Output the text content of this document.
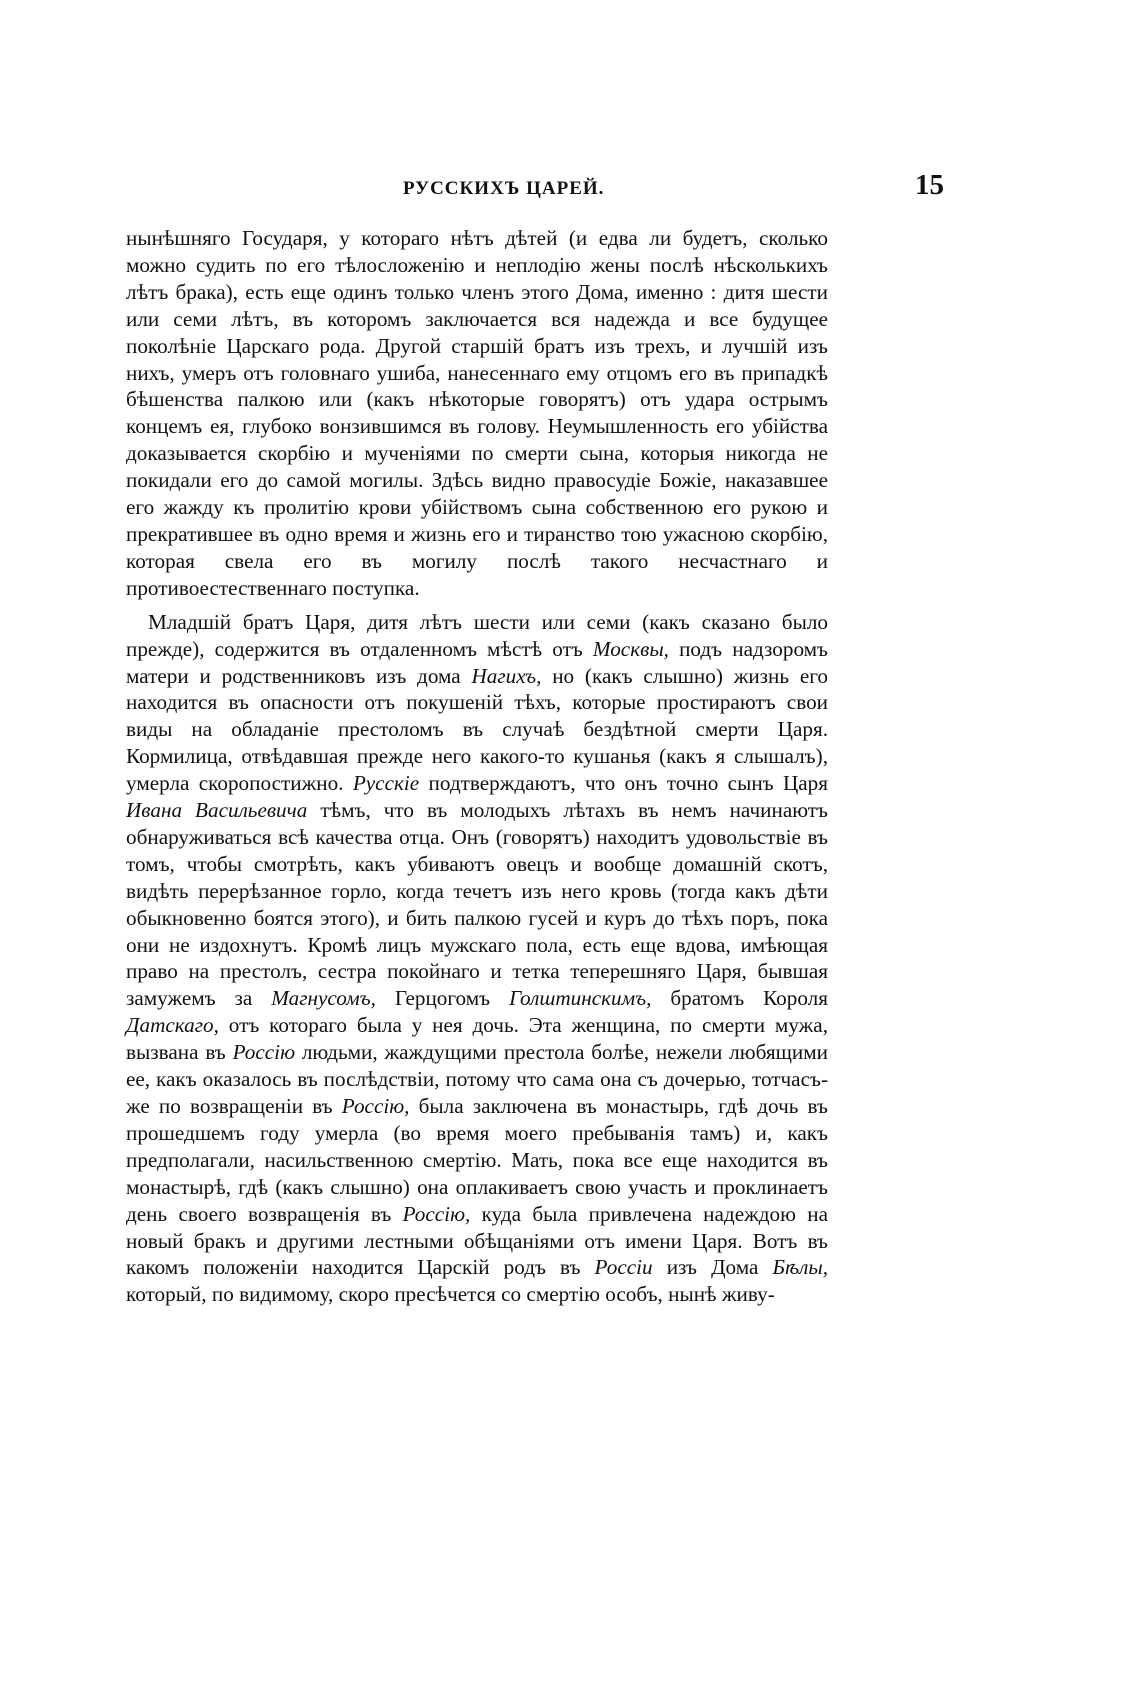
РУССКИХЪ ЦАРЕЙ.	15

нынѣшняго Государя, у котораго нѣтъ дѣтей (и едва ли будетъ, сколько можно судить по его тѣлосложенію и неплодію жены послѣ нѣсколькихъ лѣтъ брака), есть еще одинъ только членъ этого Дома, именно : дитя шести или семи лѣтъ, въ которомъ заключается вся надежда и все будущее поколѣніе Царскаго рода. Другой старшій братъ изъ трехъ, и лучшій изъ нихъ, умеръ отъ головнаго ушиба, нанесеннаго ему отцомъ его въ припадкѣ бѣшенства палкою или (какъ нѣкоторые говорятъ) отъ удара острымъ концемъ ея, глубоко вонзившимся въ голову. Неумышленность его убійства доказывается скорбію и мученіями по смерти сына, которыя никогда не покидали его до самой могилы. Здѣсь видно правосудіе Божіе, наказавшее его жажду къ пролитію крови убійствомъ сына собственною его рукою и прекратившее въ одно время и жизнь его и тиранство тою ужасною скорбію, которая свела его въ могилу послѣ такого несчастнаго и противоестественнаго поступка.

Младшій братъ Царя, дитя лѣтъ шести или семи (какъ сказано было прежде), содержится въ отдаленномъ мѣстѣ отъ Москвы, подъ надзоромъ матери и родственниковъ изъ дома Нагихъ, но (какъ слышно) жизнь его находится въ опасности отъ покушеній тѣхъ, которые простираютъ свои виды на обладаніе престоломъ въ случаѣ бездѣтной смерти Царя. Кормилица, отвѣдавшая прежде него какого-то кушанья (какъ я слышалъ), умерла скоропостижно. Русскіе подтверждаютъ, что онъ точно сынъ Царя Ивана Васильевича тѣмъ, что въ молодыхъ лѣтахъ въ немъ начинаютъ обнаруживаться всѣ качества отца. Онъ (говорятъ) находитъ удовольствіе въ томъ, чтобы смотрѣть, какъ убиваютъ овецъ и вообще домашній скотъ, видѣть перерѣзанное горло, когда течетъ изъ него кровь (тогда какъ дѣти обыкновенно боятся этого), и бить палкою гусей и куръ до тѣхъ поръ, пока они не издохнутъ. Кромѣ лицъ мужскаго пола, есть еще вдова, имѣющая право на престолъ, сестра покойнаго и тетка теперешняго Царя, бывшая замужемъ за Магнусомъ, Герцогомъ Голштинскимъ, братомъ Короля Датскаго, отъ котораго была у нея дочь. Эта женщина, по смерти мужа, вызвана въ Россію людьми, жаждущими престола болѣе, нежели любящими ее, какъ оказалось въ послѣдствіи, потому что сама она съ дочерью, тотчасъ-же по возвращеніи въ Россію, была заключена въ монастырь, гдѣ дочь въ прошедшемъ году умерла (во время моего пребыванія тамъ) и, какъ предполагали, насильственною смертію. Мать, пока все еще находится въ монастырѣ, гдѣ (какъ слышно) она оплакиваетъ свою участь и проклинаетъ день своего возвращенія въ Россію, куда была привлечена надеждою на новый бракъ и другими лестными обѣщаніями отъ имени Царя. Вотъ въ какомъ положеніи находится Царскій родъ въ Россіи изъ Дома Бѣлы, который, по видимому, скоро пресѣчется со смертію особъ, нынѣ живу-
